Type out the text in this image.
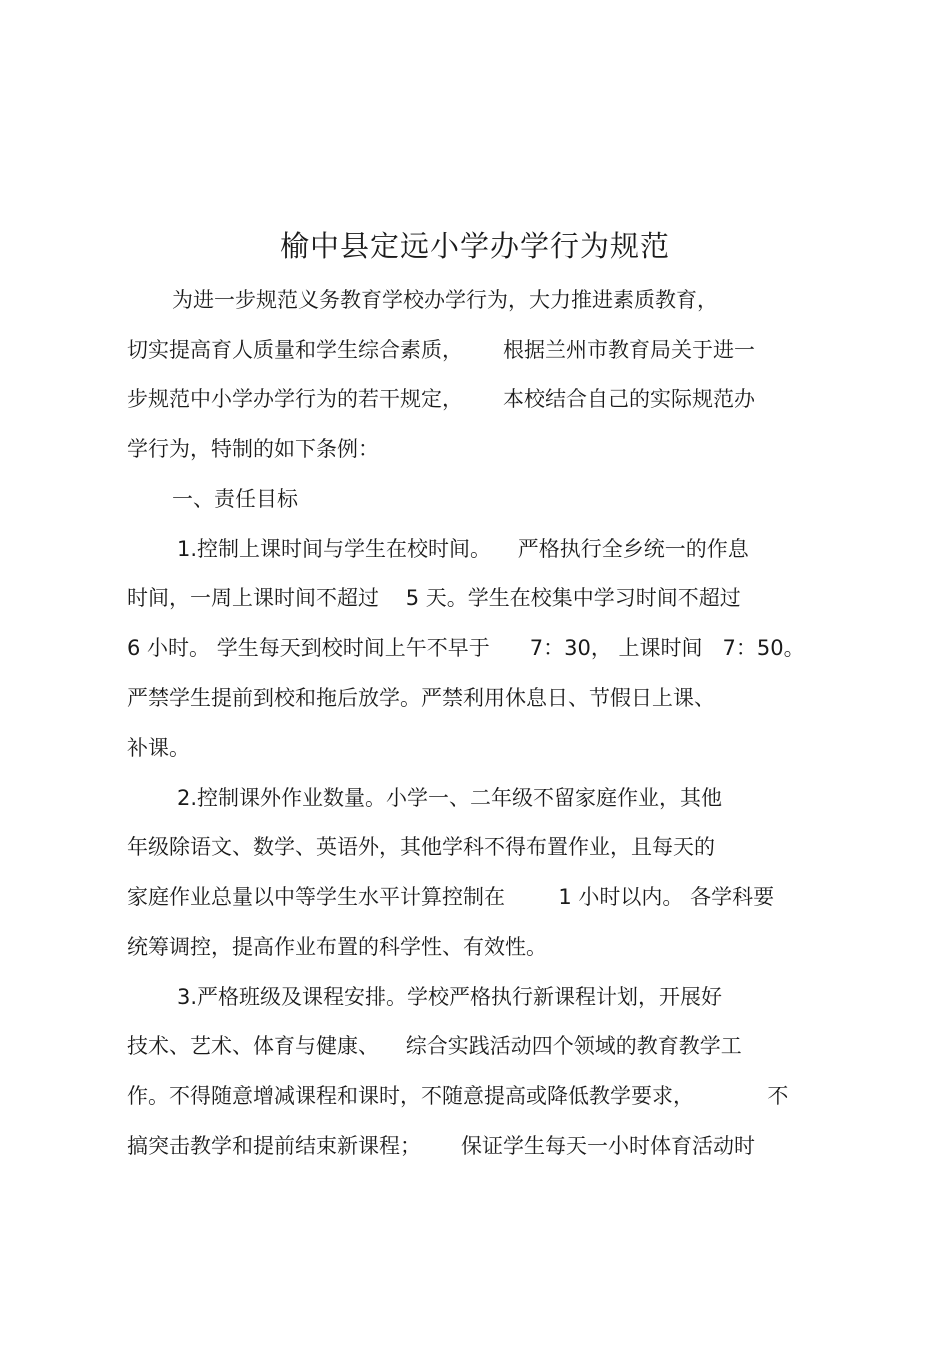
榆中县定远小学办学行为规范
为进一步规范义务教育学校办学行为，大力推进素质教育，
切实提高育人质量和学生综合素质，      根据兰州市教育局关于进一
步规范中小学办学行为的若干规定，      本校结合自己的实际规范办
学行为，特制的如下条例：
一、责任目标
1.控制上课时间与学生在校时间。    严格执行全乡统一的作息
时间，一周上课时间不超过    5 天。学生在校集中学习时间不超过
6 小时。 学生每天到校时间上午不早于      7：30， 上课时间   7：50。
严禁学生提前到校和拖后放学。严禁利用休息日、节假日上课、
补课。
2.控制课外作业数量。小学一、二年级不留家庭作业，其他
年级除语文、数学、英语外，其他学科不得布置作业，且每天的
家庭作业总量以中等学生水平计算控制在        1 小时以内。 各学科要
统筹调控，提高作业布置的科学性、有效性。
3.严格班级及课程安排。学校严格执行新课程计划，开展好
技术、艺术、体育与健康、    综合实践活动四个领域的教育教学工
作。不得随意增减课程和课时，不随意提高或降低教学要求，           不
搞突击教学和提前结束新课程；      保证学生每天一小时体育活动时
